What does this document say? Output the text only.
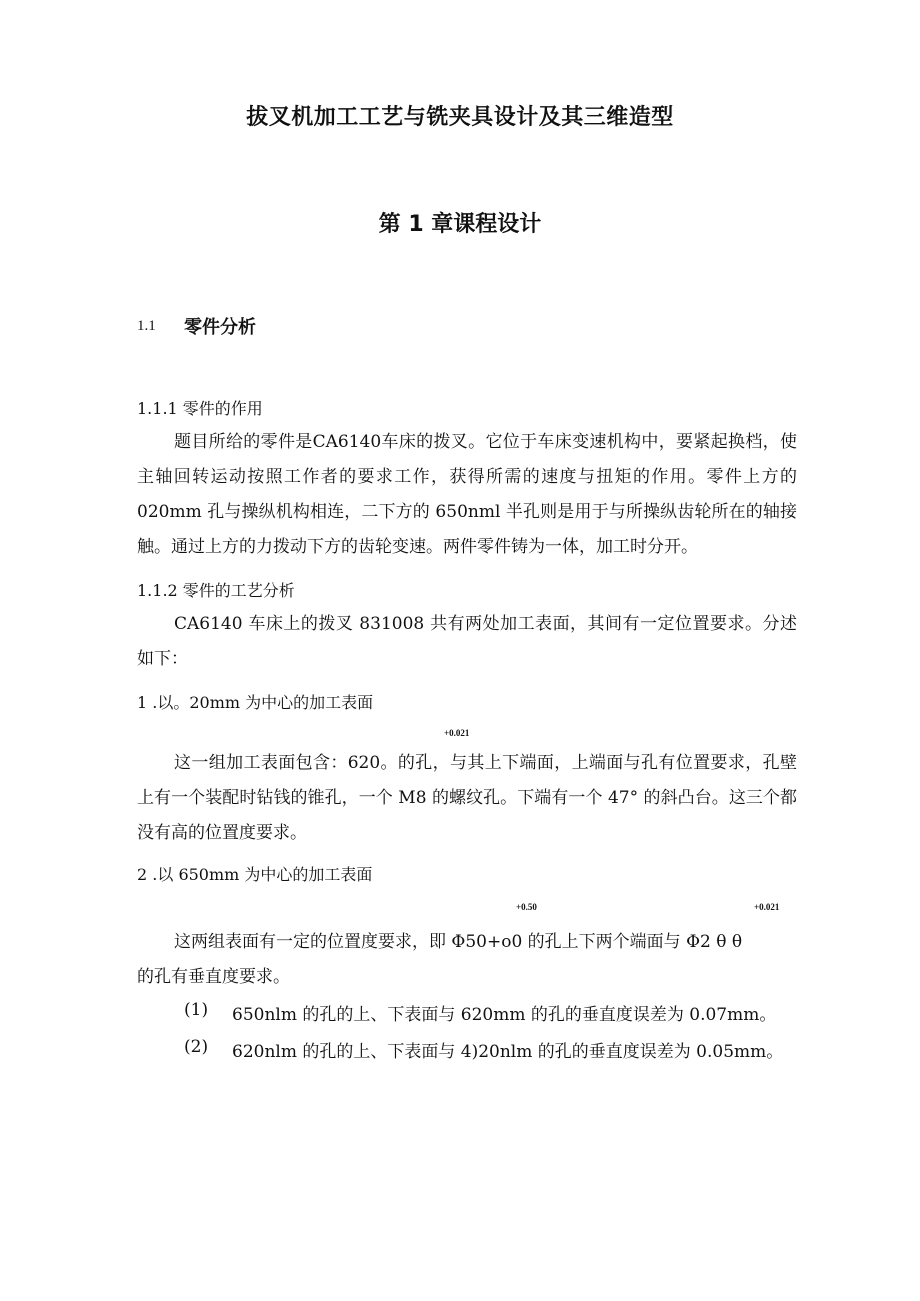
拔叉机加工工艺与铣夹具设计及其三维造型
第 1 章课程设计
1.1 零件分析
1.1.1 零件的作用

题目所给的零件是CA6140车床的拨叉。它位于车床变速机构中，要紧起换档，使主轴回转运动按照工作者的要求工作，获得所需的速度与扭矩的作用。零件上方的 020mm 孔与操纵机构相连，二下方的 650nml 半孔则是用于与所操纵齿轮所在的轴接触。通过上方的力拨动下方的齿轮变速。两件零件铸为一体，加工时分开。

1.1.2 零件的工艺分析

CA6140 车床上的拨叉 831008 共有两处加工表面，其间有一定位置要求。分述如下：

1 .以。20mm 为中心的加工表面
+0.021

这一组加工表面包含：620。的孔，与其上下端面，上端面与孔有位置要求，孔壁上有一个装配时钻钱的锥孔，一个 M8 的螺纹孔。下端有一个 47° 的斜凸台。这三个都没有高的位置度要求。

2 .以 650mm 为中心的加工表面
+0.50	+0.021
这两组表面有一定的位置度要求，即 Φ50+o0 的孔上下两个端面与 Φ2 θ θ
的孔有垂直度要求。
(1) 650nlm 的孔的上、下表面与 620mm 的孔的垂直度误差为 0.07mm。
(2) 620nlm 的孔的上、下表面与 4)20nlm 的孔的垂直度误差为 0.05mm。
